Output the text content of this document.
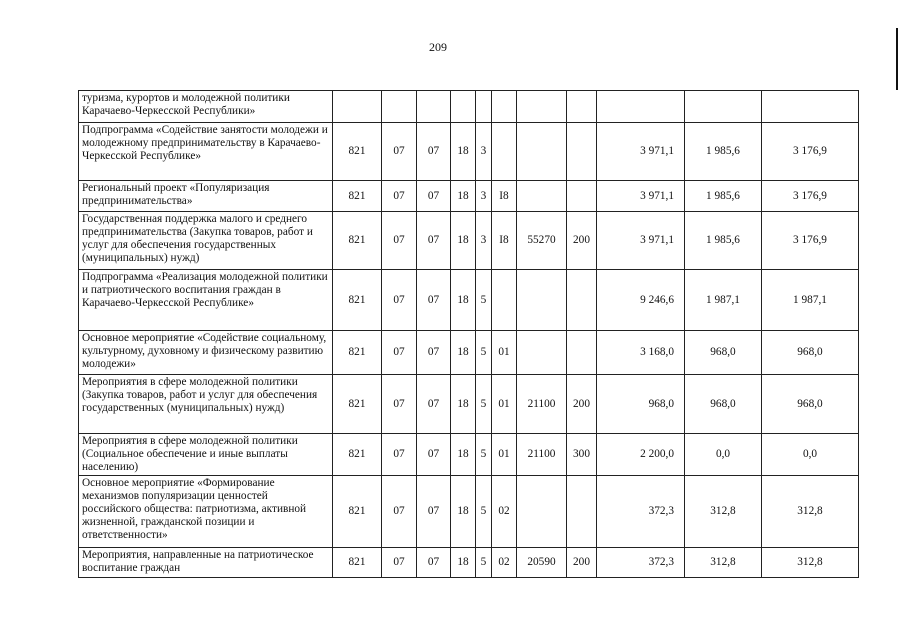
209
туризма, курортов и молодежной политики Карачаево-Черкесской Республики»											
Подпрограмма «Содействие занятости молодежи и молодежному предпринимательству в Карачаево-Черкесской Республике»	821	07	07	18	3				3 971,1	1 985,6	3 176,9
Региональный проект «Популяризация предпринимательства»	821	07	07	18	3	I8			3 971,1	1 985,6	3 176,9
Государственная поддержка малого и среднего предпринимательства (Закупка товаров, работ и услуг для обеспечения государственных (муниципальных) нужд)	821	07	07	18	3	I8	55270	200	3 971,1	1 985,6	3 176,9
Подпрограмма «Реализация молодежной политики и патриотического воспитания граждан в Карачаево-Черкесской Республике»	821	07	07	18	5				9 246,6	1 987,1	1 987,1
Основное мероприятие «Содействие социальному, культурному, духовному и физическому развитию молодежи»	821	07	07	18	5	01			3 168,0	968,0	968,0
Мероприятия в сфере молодежной политики (Закупка товаров, работ и услуг для обеспечения государственных (муниципальных) нужд)	821	07	07	18	5	01	21100	200	968,0	968,0	968,0
Мероприятия в сфере молодежной политики (Социальное обеспечение и иные выплаты населению)	821	07	07	18	5	01	21100	300	2 200,0	0,0	0,0
Основное мероприятие «Формирование механизмов популяризации ценностей российского общества: патриотизма, активной жизненной, гражданской позиции и ответственности»	821	07	07	18	5	02			372,3	312,8	312,8
Мероприятия, направленные на патриотическое воспитание граждан	821	07	07	18	5	02	20590	200	372,3	312,8	312,8
